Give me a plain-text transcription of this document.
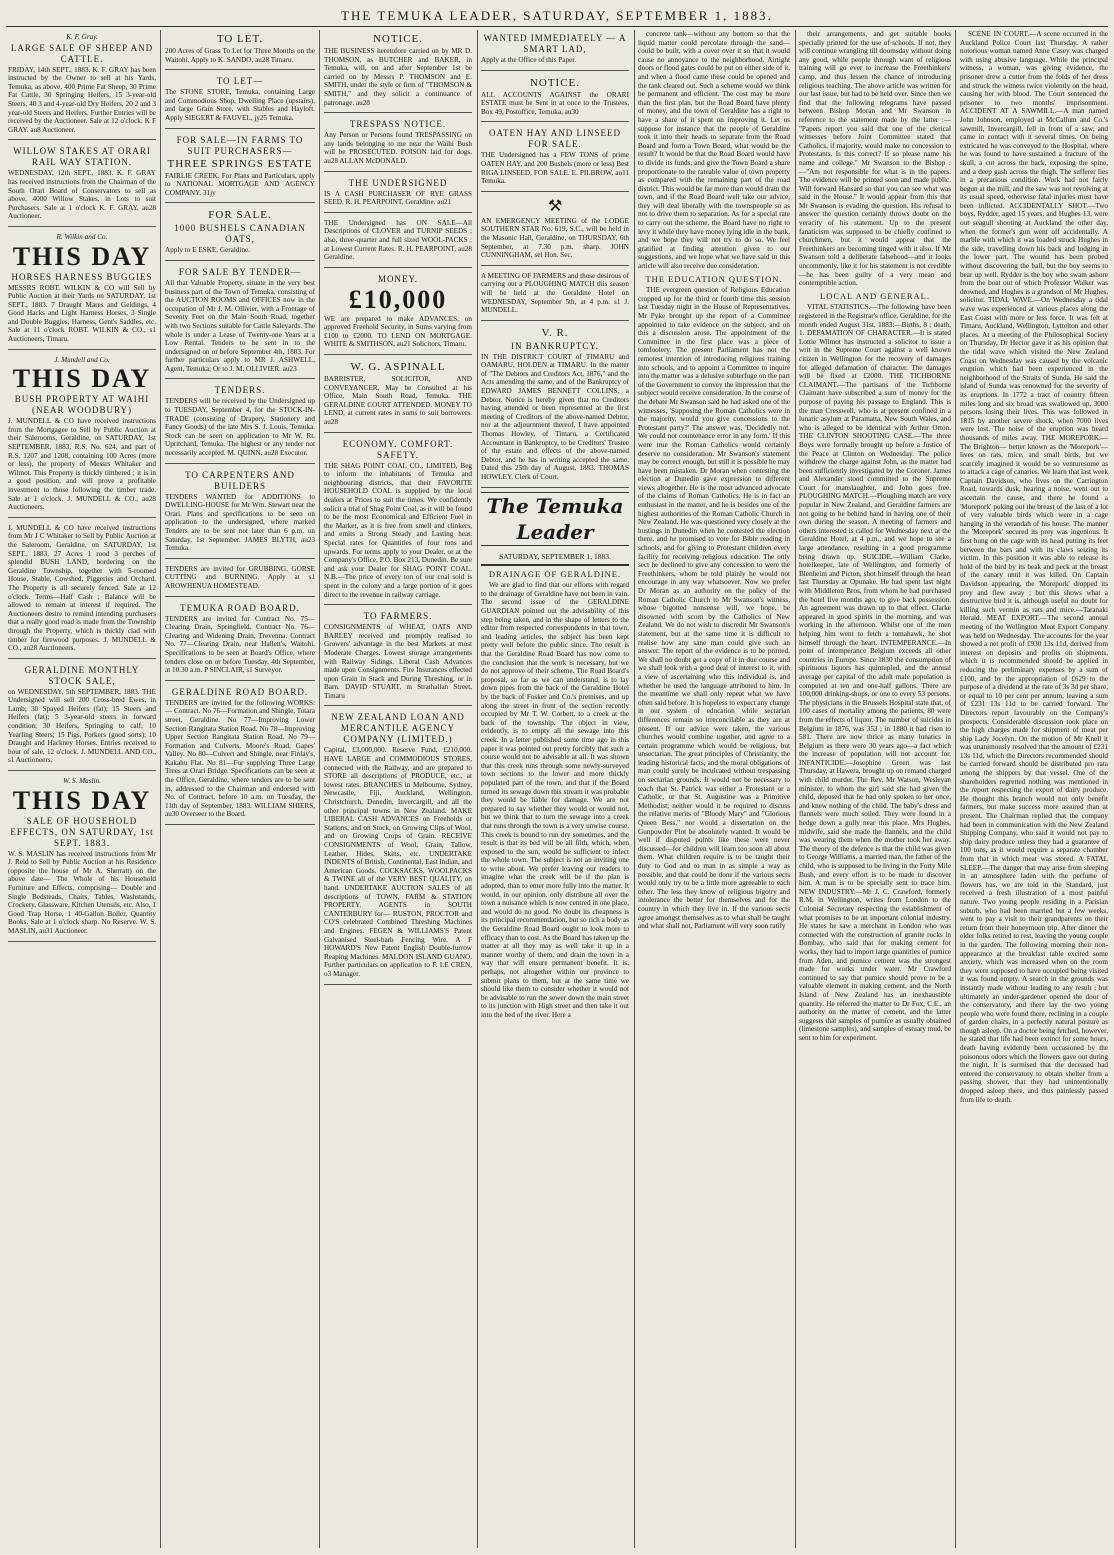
THE TEMUKA LEADER, SATURDAY, SEPTEMBER 1, 1883.

K. F. Gray.

LARGE SALE OF SHEEP AND CATTLE.

FRIDAY, 14th SEPT., 1883. K. F. GRAY has been instructed by the Owner to sell at his Yards, Temuka, as above, 400 Prime Fat Sheep, 30 Prime Fat Cattle, 30 Springing Heifers, 15 3-year-old Steers, 40 3 and 4-year-old Dry Heifers, 20 2 and 3 year-old Steers and Heifers. Further Entries will be received by the Auctioneer. Sale at 12 o'clock. K F GRAY. au8 Auctioneer.

WILLOW STAKES AT ORARI RAIL WAY STATION.

WEDNESDAY, 12th SEPT., 1883. K. F. GRAY has received instructions from the Chairman of the South Orari Board of Conservators to sell as above, 4000 Willow Stakes, in Lots to suit Purchasers. Sale at 1 o'clock K. F. GRAY, au28 Auctioneer.

R. Wilkin and Co.

THIS DAY

HORSES HARNESS BUGGIES

MESSRS ROBT. WILKIN & CO will Sell by Public Auction at their Yards on SATURDAY, 1st SEPT., 1883. 7 Draught Mares and Geldings, 4 Good Hacks and Light Harness Horses, 3 Single and Double Buggies, Harness, Gent's Saddles, etc. Sale at 11 o'clock ROBT. WILKIN & CO., s1 Auctioneers, Timaru.

J. Mundell and Co.

THIS DAY

BUSH PROPERTY AT WAIHI (NEAR WOODBURY)

J. MUNDELL & CO have received instructions from the Mortgagee to Sell by Public Auction at their Salerooms, Geraldine, on SATURDAY, 1st SEPTEMBER, 1883, R.S. No. 624, and part of R.S. 1207 and 1208, containing 100 Acres (more or less), the property of Messrs Whitaker and Wilmot. This Property is thickly timbered ; it is in a good position, and will prove a profitable investment to those following the timber trade. Sale at 1 o'clock. J. MUNDELL & CO., au28 Auctioneers.

J. MUNDELL & CO have received instructions from Mr J C Whitaker to Sell by Public Auction at the Saleroom, Geraldine, on SATURDAY, 1st SEPT., 1883, 27 Acres 1 rood 3 perches of splendid BUSH LAND, bordering on the Geraldine Township, together with 5-roomed House, Stable, Cowshed, Piggeries and Orchard. The Property is all securely fenced. Sale at 12 o'clock. Terms—Half Cash ; Balance will be allowed to remain at interest if required. The Auctioneers desire to remind intending purchasers that a really good road is made from the Township through the Property, which is thickly clad with timber for firewood purposes. J. MUNDELL & CO., au28 Auctioneers.

GERALDINE MONTHLY STOCK SALE,

on WEDNESDAY, 5th SEPTEMBER, 1883. THE Undersigned will sell 200 Cross-bred Ewes, in Lamb; 30 Spayed Heifers (fat); 15 Steers and Heifers (fat); 5 3-year-old steers in forward condition; 30 Heifers, Springing to calf; 10 Yearling Steers; 15 Pigs, Porkers (good sorts); 10 Draught and Hackney Horses. Entries received to hour of sale, 12 o'clock. J. MUNDELL AND CO., s1 Auctioneers.

W. S. Maslin.

THIS DAY

SALE OF HOUSEHOLD EFFECTS, ON SATURDAY, 1st SEPT. 1883.

W. S. MASLIN has received instructions from Mr J. Reid to Sell by Public Auction at his Residence (opposite the house of Mr A. Sherratt) on the above date— The Whole of his Household Furniture and Effects, comprising— Double and Single Bedsteads, Chairs, Tables, Washstands, Crockery, Glassware, Kitchen Utensils, etc. Also, 1 Good Trap Horse, 1 40-Gallon Boiler, Quantity Books. Sale at 1 o'clock sharp. No Reserve. W. S. MASLIN, au31 Auctioneer.

TO LET.

200 Acres of Grass To Let for Three Months on the Waitohi. Apply to K. SANDO, au28 Timaru.

TO LET—

The STONE STORE, Temuka, containing Large and Commodious Shop, Dwelling Place (upstairs), and large Grain Store, with Stables and Hayloft. Apply SIEGERT & FAUVEL, jy25 Temuka.

FOR SALE—IN FARMS TO SUIT PURCHASERS—

THREE SPRINGS ESTATE

FAIRLIE CREEK. For Plans and Particulars, apply to NATIONAL MORTGAGE AND AGENCY COMPANY. 31jy

FOR SALE.

1000 BUSHELS CANADIAN OATS,

Apply to E ESKE, Geraldine.

FOR SALE BY TENDER—

All that Valuable Property, situate in the very best business part of the Town of Temuka, consisting of the AUCTION ROOMS and OFFICES now in the occupation of Mr J. M. Ollivier, with a Frontage of Seventy Feet on the Main South Road, together with two Sections suitable for Cattle Saleyards. The whole is under a Lease of Twenty-one Years at a Low Rental. Tenders to be sent in to the undersigned on or before September 4th, 1883. For further particulars apply to MR J. ASHWELL, Agent, Temuka; Or to J. M. OLLIVIER. au23

TENDERS.

TENDERS will be received by the Undersigned up to TUESDAY, September 4, for the STOCK-IN-TRADE (consisting of Drapery, Stationery and Fancy Goods) of the late Mrs S. J. Louis, Temuka. Stock can be seen on application to Mr W. Rt. Upritchard, Temuka. The highest or any tender not necessarily accepted. M. QUINN, au28 Executor.

TO CARPENTERS AND BUILDERS

TENDERS WANTED for ADDITIONS to DWELLING-HOUSE for Mr Wm. Stewart near the Orari. Plans and specifications to be seen on application to the undersigned, where marked Tenders are to be sent not later than 6 p.m. on Saturday, 1st September. JAMES BLYTH, au23 Temuka.

TENDERS are invited for GRUBBING, GORSE CUTTING and BURNING. Apply at s1 AROWHENUA HOMESTEAD.

TEMUKA ROAD BOARD.

TENDERS are invited for Contract No. 75—Clearing Drain, Springfield. Contract No. 76—Clearing and Widening Drain, Trevenna. Contract No. 77—Clearing Drain, near Hallett's, Waitohi. Specifications to be seen at Board's Office, where tenders close on or before Tuesday, 4th September, at 10.30 a.m. P SINCLAIR, s1 Surveyor.

GERALDINE ROAD BOARD.

TENDERS are invited for the following WORKS:— Contract. No 76—Formation and Shingle, Totara street, Geraldine. No 77—Improving Lower Section Rangitata Station Road. No 78—Improving Upper Section Rangitata Station Road. No 79—Formation and Culverts, Moore's Road, Gapes' Valley. No 80—Culvert and Shingle, near Finlay's, Kakahu Flat. No 81—For supplying Three Large Trees at Orari Bridge. Specifications can be seen at the Office, Geraldine, where tenders are to be sent in, addressed to the Chairman and endorsed with No. of Contract, before 10 a.m. on Tuesday, the 11th day of September, 1883. WILLIAM SHIERS, au30 Overseer to the Board.

NOTICE.

THE BUSINESS heretofore carried on by MR D. THOMSON, as BUTCHER and BAKER, in Temuka, will, on and after September 1st be carried on by Messrs P. THOMSON and E. SMITH, under the style or firm of "THOMSON & SMITH," and they solicit a continuance of patronage. au28

TRESPASS NOTICE.

Any Person or Persons found TRESPASSING on any lands belonging to me near the Waihi Bush will be PROSECUTED. POISON laid for dogs. au28 ALLAN McDONALD.

THE UNDERSIGNED

IS A CASH PURCHASER OF RYE GRASS SEED. R. H. PEARPOINT, Geraldine. au21

THE Undersigned has ON SALE—All Descriptions of CLOVER and TURNIP SEEDS ; also, three-quarter and full sized WOOL-PACKS ; at Lowest Current Rates. R. H. PEARPOINT, au28 Geraldine.

MONEY.

£10,000

WE are prepared to make ADVANCES, on approved Freehold Security, in Sums varying from £100 to £2000. TO LEND ON MORTGAGE. WHITE & SMITHSON, au21 Solicitors, Timaru.

W. G. ASPINALL

BARRISTER, SOLICITOR, AND CONVEYANCER. May be Consulted at his Office, Main South Road, Temuka. THE GERALDINE COURT ATTENDED. MONEY TO LEND, at current rates in sums to suit borrowers. au28

ECONOMY. COMFORT. SAFETY.

THE SHAG POINT COAL CO., LIMITED, Beg to inform the inhabitants of Temuka and neighbouring districts, that their FAVORITE HOUSEHOLD COAL is supplied by the local dealers at Prices to suit the times. We confidently solicit a trial of Shag Point Coal, as it will be found to be the most Economical and Efficient Fuel in the Market, as it is free from smell and clinkers, and emits a Strong Steady and Lasting heat. Special rates for Quantities of four tons and upwards. For terms apply to your Dealer, or at the Company's Office, P.O. Box 213, Dunedin. Be sure and ask your Dealer for SHAG POINT COAL. N.B.—The price of every ton of our coal sold is spent in the colony and a large portion of it goes direct to the revenue in railway carriage.

TO FARMERS.

CONSIGNMENTS of WHEAT, OATS AND BARLEY received and promptly realised to Growers' advantage in the best Markets at most Moderate Charges. Lowest storage arrangements with Railway Sidings. Liberal Cash Advances made upon Consignments. Fire Insurances effected upon Grain in Stack and During Threshing, or in Barn. DAVID STUART, m Strathallan Street, Timaru

NEW ZEALAND LOAN AND MERCANTILE AGENCY COMPANY (LIMITED.)

Capital, £3,000,000. Reserve Fund, £210,000. HAVE LARGE and COMMODIOUS STORES, connected with the Railway, and are prepared to STORE all descriptions of PRODUCE, etc., at lowest rates. BRANCHES in Melbourne, Sydney, Newcastle, Fiji, Auckland, Wellington, Christchurch, Dunedin, Invercargill, and all the other principal towns in New Zealand. MAKE LIBERAL CASH ADVANCES on Freeholds or Stations, and on Stock, on Growing Clips of Wool, and on Growing Crops of Grain. RECEIVE CONSIGNMENTS of Wool, Grain, Tallow, Leather, Hides, Skins, etc. UNDERTAKE INDENTS of British, Continental, East Indian, and American Goods. COCKSACKS, WOOLPACKS & TWINE all of the VERY BEST QUALITY, on hand. UNDERTAKE AUCTION SALES of all descriptions of TOWN, FARM & STATION PROPERTY. AGENTS in SOUTH CANTERBURY for— RUSTON, PROCTOR and CO'S celebrated Combined Threshing Machines and Engines. FEGEN & WILLIAMS'S Patent Galvanised Steel-barb Fencing Wire. A F HOWARD'S New Patent English Double-furrow Reaping Machines. MALDON ISLAND GUANO. Further particulars on application to F. LE CREN, o3 Manager.

WANTED IMMEDIATELY — A SMART LAD,

Apply at the Office of this Paper.

NOTICE.

ALL ACCOUNTS AGAINST the ORARI ESTATE must be Sent in at once to the Trustees, Box 49, Postoffice, Temuka, au30

OATEN HAY AND LINSEED FOR SALE.

THE Undersigned has a FEW TONS of prime OATEN HAY, and 200 Bushels (more or less) Best RIGA LINSEED, FOR SALE. E. PILBROW, au11 Temuka.

⚒

AN EMERGENCY MEETING of the LODGE SOUTHERN STAR No. 619, S.C., will be held in the Masonic Hall, Geraldine, on THURSDAY, 6th September, at 7.30 p.m. sharp. JOHN CUNNINGHAM, sel Hon. Sec.

A MEETING OF FARMERS and those desirous of carrying out a PLOUGHING MATCH this season will be held at the Geraldine Hotel on WEDNESDAY, September 5th, at 4 p.m. s1 J. MUNDELL.

V. R.

IN BANKRUPTCY.

IN THE DISTRICT COURT of TIMARU and OAMARU, HOLDEN at TIMARU. In the matter of "The Debtors and Creditors Act, 1876," and the Acts amending the same, and of the Bankruptcy of EDWARD JAMES BENNETT COLLINS, a Debtor. Notice is hereby given that no Creditors having attended or been represented at the first meeting of Creditors of the above-named Debtor, nor at the adjournment thereof, I have appointed Thomas Howley, of Timaru, a Certificated Accountant in Bankruptcy, to be Creditors' Trustee of the estate and effects of the above-named Debtor, and he has in writing accepted the same. Dated this 25th day of August, 1883. THOMAS HOWLEY. Clerk of Court.

The Temuka Leader

SATURDAY, SEPTEMBER 1, 1883.

DRAINAGE OF GERALDINE.

We are glad to find that our efforts with regard to the drainage of Geraldine have not been in vain. The second issue of the GERALDINE GUARDIAN pointed out the advisability of this step being taken, and in the shape of letters to the editor from respected correspondents in that town, and leading articles, the subject has been kept pretty well before the public since. The result is that the Geraldine Road Board has now come to the conclusion that the work is necessary, but we do not approve of their scheme. The Road Board's proposal, so far as we can understand, is to lay down pipes from the back of the Geraldine Hotel by the back of Fosker and Co.'s premises, and up along the street in front of the section recently occupied by Mr T. W. Corbett, to a creek at the back of the township. The object in view, evidently, is to empty all the sewage into this creek. In a letter published some time ago in this paper it was pointed out pretty forcibly that such a course would not be advisable at all. It was shown that this creek runs through some newly-surveyed town sections to the lower and more thickly populated part of the town, and that if the Board turned its sewage down this stream it was probable they would be liable for damage. We are not prepared to say whether they would or would not, but we think that to turn the sewage into a creek that runs through the town is a very unwise course. This creek is bound to run dry sometimes, and the result is that its bed will be all filth, which, when exposed to the sun, would be sufficient to infect the whole town. The subject is not an inviting one to write about. We prefer leaving our readers to imagine what the creek will be if the plan is adopted, than to enter more fully into the matter. It would, in our opinion, only distribute all over the town a nuisance which is now centred in one place, and would do no good. No doubt its cheapness is its principal recommendation, but so rich a body as the Geraldine Road Board ought to look more to efficacy than to cost. As the Board has taken up the matter at all they may as well take it up in a manner worthy of them, and drain the town in a way that will ensure permanent benefit. It is, perhaps, not altogether within our province to submit plans to them, but at the same time we should like them to consider whether it would not be advisable to run the sewer down the main street to its junction with High street and then take it out into the bed of the river. Here a

concrete tank—without any bottom so that the liquid matter could percolate through the sand—could be built, with a cover over it so that it would cause no annoyance to the neighborhood. Airtight doors or flood gates could be put on either side of it, and when a flood came these could be opened and the tank cleared out. Such a scheme would we think be permanent and efficient. The cost may be more than the first plan, but the Road Board have plenty of money, and the town of Geraldine has a right to have a share of it spent on improving it. Let us suppose for instance that the people of Geraldine took it into their heads to separate from the Road Board and form a Town Board, what would be the result? It would be that the Road Board would have to divide its funds, and give the Town Board a share proportionate to the rateable value of town property as compared with the remaining part of the road district. This would be far more than would drain the town, and if the Road Board well take our advice, they will deal liberally with the townspeople so as not to drive them to separation. As for a special rate to carry out the scheme, the Board have no right to levy it while they have money lying idle in the bank, and we hope they will not try to do so. We feel gratified at finding attention given to our suggestions, and we hope what we have said in this article will also receive due consideration.

THE EDUCATION QUESTION.

THE evergreen question of Religious Education cropped up for the third or fourth time this session last Tuesday night in the House of Representatives. Mr Pyke brought up the report of a Committee appointed to take evidence on the subject, and on this a discussion arose. The appointment of the Committee in the first place was a piece of tomfoolery. The present Parliament has not the remotest intention of introducing religious training into schools, and to appoint a Committee to inquire into the matter was a delusive subterfuge on the part of the Government to convey the impression that the subject would receive consideration. In the course of the debate Mr Swanson said he had asked one of the witnesses, 'Supposing the Roman Catholics were in the majority, would you give concessions to the Protestant party?' The answer was, 'Decidedly not. We could not countenance error in any form.' If this were true the Roman Catholics would certainly deserve no consideration. Mr Swanson's statement may be correct enough, but still it is possible he may have been mistaken. Dr Moran when contesting the election at Dunedin gave expression to different views altogether. He is the most advanced advocate of the claims of Roman Catholics. He is in fact an enthusiast in the matter, and he is besides one of the highest authorities of the Roman Catholic Church in New Zealand. He was questioned very closely at the hustings in Dunedin when he contested the election there, and he promised to vote for Bible reading in schools, and for giving to Protestant children every facility for receiving religious education. The only sect he declined to give any concession to were the Freethinkers, whom he told plainly he would not encourage in any way whatsoever. Now we prefer Dr Moran as an authority on the policy of the Roman Catholic Church to Mr Swanson's witness, whose bigotted nonsense will, we hope, be disowned with scorn by the Catholics of New Zealand. We do not wish to discredit Mr Swanson's statement, but at the same time it is difficult to realise how any sane man could give such an answer. The report of the evidence is to be printed. We shall no doubt get a copy of it in due course and we shall look with a good deal of interest to it, with a view of ascertaining who this individual is, and whether he used the language attributed to him. In the meantime we shall only repeat what we have often said before. It is hopeless to expect any change in our system of education while sectarian differences remain so irreconcilable as they are at present. If our advice were taken, the various churches would combine together, and agree to a certain programme which would be religious, but unsectarian. The great principles of Christianity, the leading historical facts, and the moral obligations of man could surely be inculcated without trespassing on sectarian grounds. It would not be necessary to teach that St. Patrick was either a Protestant or a Catholic, or that St. Augustine was a Primitive Methodist; neither would it be required to discuss the relative merits of "Bloody Mary" and "Glorious Queen Bess," nor would a dissertation on the Gunpowder Plot be absolutely wanted. It would be well if disputed points like these were never discussed—for children will learn too soon all about them. What children require is to be taught their duty to God and to man in as simple a way as possible, and that could be done if the various sects would only try to be a little more agreeable to each other. The less they know of religious bigotry and intolerance the better for themselves and for the country in which they live in. If the various sects agree amongst themselves as to what shall be taught and what shall not, Parliament will very soon ratify

their arrangements, and get suitable books specially printed for the use of schools. If not, they will continue wrangling till doomsday without doing any good, while people through want of religious training will go ever to increase the Freethinkers' camp, and thus lessen the chance of introducing religious teaching. The above article was written for our last issue, but had to be held over. Since then we find that the following telegrams have passed between Bishop Moran and Mr Swanson in reference to the statement made by the latter :— "Papers report you said that one of the clerical witnesses before Joint Committee stated that Catholics, if majority, would make no concession to Protestants. Is this correct? If so please name his name and college." Mr Swanson to the Bishop :—"Am not responsible for what is in the papers. The evidence will be printed soon and made public. Will forward Hansard so that you can see what was said in the House." It would appear from this that Mr Swanson is evading the question. His refusal to answer the question certainly throws doubt on the veracity of his statement. Up to the present fanaticism was supposed to be chiefly confined to churchmen, but it would appear that the Freethinkers are becoming tinged with it also. If Mr Swanson told a deliberate falsehood—and it looks uncommonly, like it for his statement is not credible—he has been guilty of a very mean and contemptible action.

LOCAL AND GENERAL.

VITAL STATISTICS.—The following have been registered in the Registrar's office, Geraldine, for the month ended August 31st, 1883:—Births, 8 ; death, 1. DEFAMATION OF CHARACTER.—It is stated Lottie Wilmot has instructed a solicitor to issue a writ in the Supreme Court against a well known citizen in Wellington for the recovery of damages for alleged defamation of character. The damages will be fixed at £2000. THE TICHBORNE CLAIMANT.—The partisans of the Tichborne Claimant have subscribed a sum of money for the purpose of paying his passage to England. This is the man Cresswell, who is at present confined in a lunatic asylum at Paramatta, New South Wales, and who is alleged to be identical with Arthur Orton. THE CLINTON SHOOTING CASE.—The three Boys were formally brought up before a Justice of the Peace at Clinton on Wednesday. The police withdrew the charge against John, as the matter had been sufficiently investigated by the Coroner. James and Alexander stood committed to the Supreme Court for manslaughter, and John goes free. PLOUGHING MATCH.—Ploughing match are very popular in New Zealand, and Geraldine farmers are not going to be behind hand in having one of their own during the season. A meeting of farmers and others interested is called for Wednesday next at the Geraldine Hotel, at 4 p.m., and we hope to see a large attendance, resulting in a good programme being drawn up. SUICIDE.—William Clarke, hotelkeeper, late of Wellington, and formerly of Blenheim and Picton, shot himself through the heart last Thursday at Opunake. He had spent last night with Middleton Bros, from whom he had purchased the hotel five months ago, to give back possession. An agreement was drawn up to that effect. Clarke appeared in good spirits in the morning, and was working in the afternoon. Whilst one of the men helping him went to fetch a tomahawk, he shot himself through the heart. INTEMPERANCE.—In point of intemperance Belgium exceeds all other countries in Europe. Since 1830 the consumption of spirituous liquors has quintupled, and the annual average per capital of the adult male population is computed at ten and one-half gallons. There are 100,000 drinking-shops, or one to every 53 persons. The physicians in the Brussels Hospital state that, of 100 cases of mortality among the patients, 80 were from the effects of liquor. The number of suicides in Belgium in 1876, was 353 ; in 1880 it had risen to 581. There are now thrice as many lunatics in Belgium as there were 30 years ago—a fact which the increase of population will not account for. INFANTICIDE.—Josephine Green was last Thursday, at Hawera, brought up on remand charged with child murder. The Rev. Mr Watson, Wesleyan minister, to whom the girl said she had given the child, deposed that he had only spoken to her once, and knew nothing of the child. The baby's dress and flannels were much soiled. They were found in a hedge down a gully near this place. Mrs Hughes, midwife, said she made the flannels, and the child was wearing them when the mother took her away. The theory of the defence is that the child was given to George Williams, a married man, the father of the child, who is supposed to be living in the Forty Mile Bush, and every effort is to be made to discover him. A man is to be specially sent to trace him. NEW INDUSTRY.—Mr J. C. Crawford, formerly R.M. in Wellington, writes from London to the Colonial Secretary respecting the establishment of what promises to be an important colonial industry. He states he saw a merchant in London who was connected with the construction of granite rocks in Bombay, who said that for making cement for works, they had to import large quantities of pumice from Aden, and pumice cement was the strongest made for works under water. Mr Crawford continued to say that pumice should prove to be a valuable element in making cement, and the North Island of New Zealand has an inexhaustible quantity. He referred the matter to Dr Fox, C.E., an authority on the matter of cement, and the latter suggests that samples of pumice as usually obtained (limestone samples), and samples of estuary mud, be sent to him for experiment.

SCENE IN COURT.—A scene occurred in the Auckland Police Court last Thursday. A rather notorious woman named Anne Casey was charged with using abusive language. While the principal witness, a woman, was giving evidence, the prisoner drew a cutter from the folds of her dress and struck the witness twice violently on the head, causing her with blood. The Court sentenced the prisoner to two months' imprisonment. ACCIDENT AT A SAWMILL.—A man named John Johnson, employed at McCallum and Co.'s sawmill, Invercargill, fell in front of a saw, and came in contact with it several times. On being extricated he was conveyed to the Hospital, where he was found to have sustained a fracture of the skull, a cut across the back, exposing the spine, and a deep gash across the thigh. The sufferer lies in a precarious condition. Work had not fairly begun at the mill, and the saw was not revolving at its usual speed, otherwise fatal injuries must have been inflicted. ACCIDENTALLY SHOT.—Two boys, Rydder, aged 15 years, and Hughes 13, were out seagull shooting at Auckland the other day, when the former's gun went off accidentally. A marble with which it was loaded struck Hughes in the side, travelling down his back and lodging in the lower part. The wound has been probed without discovering the ball, but the boy seems to bear up well. Rydder is the boy who swam ashore from the boat out of which Professor Walker was drowned, and Hughes is a grandson of Mr Hughes, solicitor. TIDAL WAVE.—On Wednesday a tidal wave was experienced at various places along the East Coast with more or less force. It was felt at Timaru, Auckland, Wellington, Lyttelton and other places. At a meeting of the Philosophical Society on Thursday, Dr Hector gave it as his opinion that the tidal wave which visited the New Zealand Coast on Wednesday was caused by the volcanic eruption which had been experienced in the neighborhood of the Straits of Sunda. He said the island of Sunda was renowned for the severity of its eruptions. In 1772 a tract of country fifteen miles long and six broad was swallowed up, 3000 persons losing their lives. This was followed in 1815 by another severe shock, when 7000 lives were lost. The noise of the eruption was heard thousands of miles away. THE MOREPORK.—The Brighton— better known as the 'Morepork'—lives on rats, mice, and small birds, but we scarcely imagined it would be so venturesome as to attack a cage of canaries. We learn that last week Captain Davidson, who lives on the Carrington Road, towards dusk, hearing a noise, went out to ascertain the cause, and there he found a 'Morepork' poking out the breast of the last of a lot of very valuable birds which were in a cage hanging in the verandah of his house. The manner the 'Morepork' secured its prey was ingenious. It first hung on the cage with its head putting its feet between the bars and with its claws seizing its victim. In this position it was able to release its hold of the bird by its beak and peck at the breast of the canary until it was killed. On Captain Davidson appearing, the 'Morepork' dropped its prey and flew away ; but this shows what a destructive bird it is, although useful no doubt for killing such vermin as rats and mice.—Taranaki Herald. MEAT EXPORT.—The second annual meeting of the Wellington Meat Export Company was held on Wednesday. The accounts for the year showed a net profit of £930 13s 11d, derived from interest on deposits and profits on shipments, which it is recommended should be applied in reducing the preliminary expenses by a sum of £100, and by the appropriation of £629 to the purpose of a dividend at the rate of 3s 3d per share, or equal to 10 per cent per annum, leaving a sum of £231 13s 11d to be carried forward. The Directors report favourably on the Company's prospects. Considerable discussion took place on the high charges made for shipment of meat per ship Lady Jocelyn. On the motion of Mr Knell it was unanimously resolved that the amount of £231 13s 11d, which the Directors recommended should be carried forward should be distributed pro rata among the shippers by that vessel. One of the shareholders regretted nothing was mentioned in the report respecting the export of dairy produce. He thought this branch would not only benefit farmers, but make success more assured than at present. The Chairman replied that the company had been in communication with the New Zealand Shipping Company, who said it would not pay to ship dairy produce unless they had a guarantee of 100 tons, as it would require a separate chamber from that in which meat was stored. A FATAL SLEEP.—The danger that may arise from sleeping in an atmosphere laden with the perfume of flowers has, we are told in the Standard, just received a fresh illustration of a most painful nature. Two young people residing in a Parisian suburb, who had been married but a few weeks, went to pay a visit to their grandparents on their return from their honeymoon trip. After dinner the elder folks retired to rest, leaving the young couple in the garden. The following morning their non-appearance at the breakfast table excited some anxiety, which was increased when on the room they were supposed to have occupied being visited it was found empty. A search in the grounds was instantly made without leading to any result ; but ultimately an under-gardener opened the door of the conservatory, and there lay the two young people who were found there, reclining in a couple of garden chairs, in a perfectly natural posture as though asleep. On a doctor being fetched, however, he stated that life had been extinct for some hours, death having evidently been occasioned by the poisonous odors which the flowers gave out during the night. It is surmised that the deceased had entered the conservatory to obtain shelter from a passing shower, that they had unintentionally dropped asleep there, and thus painlessly passed from life to death.
